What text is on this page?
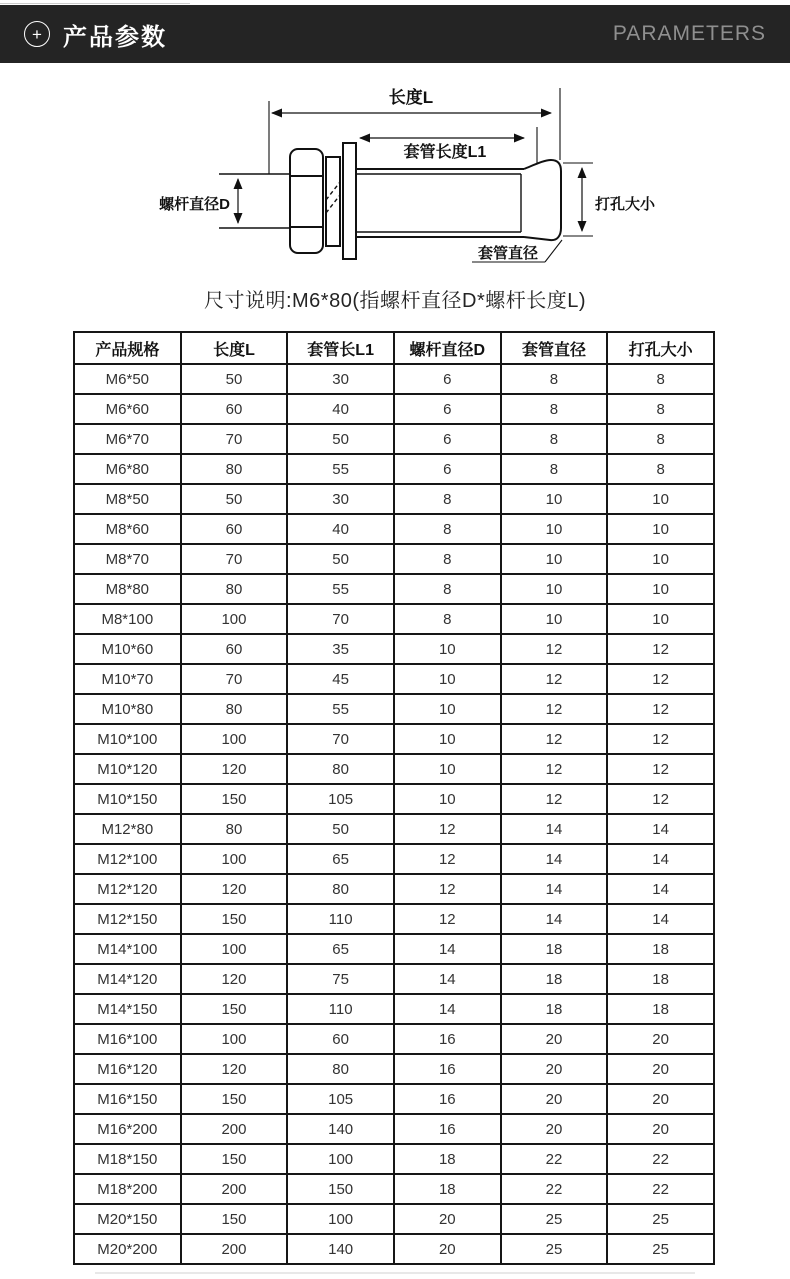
+ 产品参数	PARAMETERS
长度L
套管长度L1
螺杆直径D	打孔大小
套管直径
尺寸说明:M6*80(指螺杆直径D*螺杆长度L)
产品规格	长度L	套管长L1	螺杆直径D	套管直径	打孔大小
M6*50	50	30	6	8	8
M6*60	60	40	6	8	8
M6*70	70	50	6	8	8
M6*80	80	55	6	8	8
M8*50	50	30	8	10	10
M8*60	60	40	8	10	10
M8*70	70	50	8	10	10
M8*80	80	55	8	10	10
M8*100	100	70	8	10	10
M10*60	60	35	10	12	12
M10*70	70	45	10	12	12
M10*80	80	55	10	12	12
M10*100	100	70	10	12	12
M10*120	120	80	10	12	12
M10*150	150	105	10	12	12
M12*80	80	50	12	14	14
M12*100	100	65	12	14	14
M12*120	120	80	12	14	14
M12*150	150	110	12	14	14
M14*100	100	65	14	18	18
M14*120	120	75	14	18	18
M14*150	150	110	14	18	18
M16*100	100	60	16	20	20
M16*120	120	80	16	20	20
M16*150	150	105	16	20	20
M16*200	200	140	16	20	20
M18*150	150	100	18	22	22
M18*200	200	150	18	22	22
M20*150	150	100	20	25	25
M20*200	200	140	20	25	25
